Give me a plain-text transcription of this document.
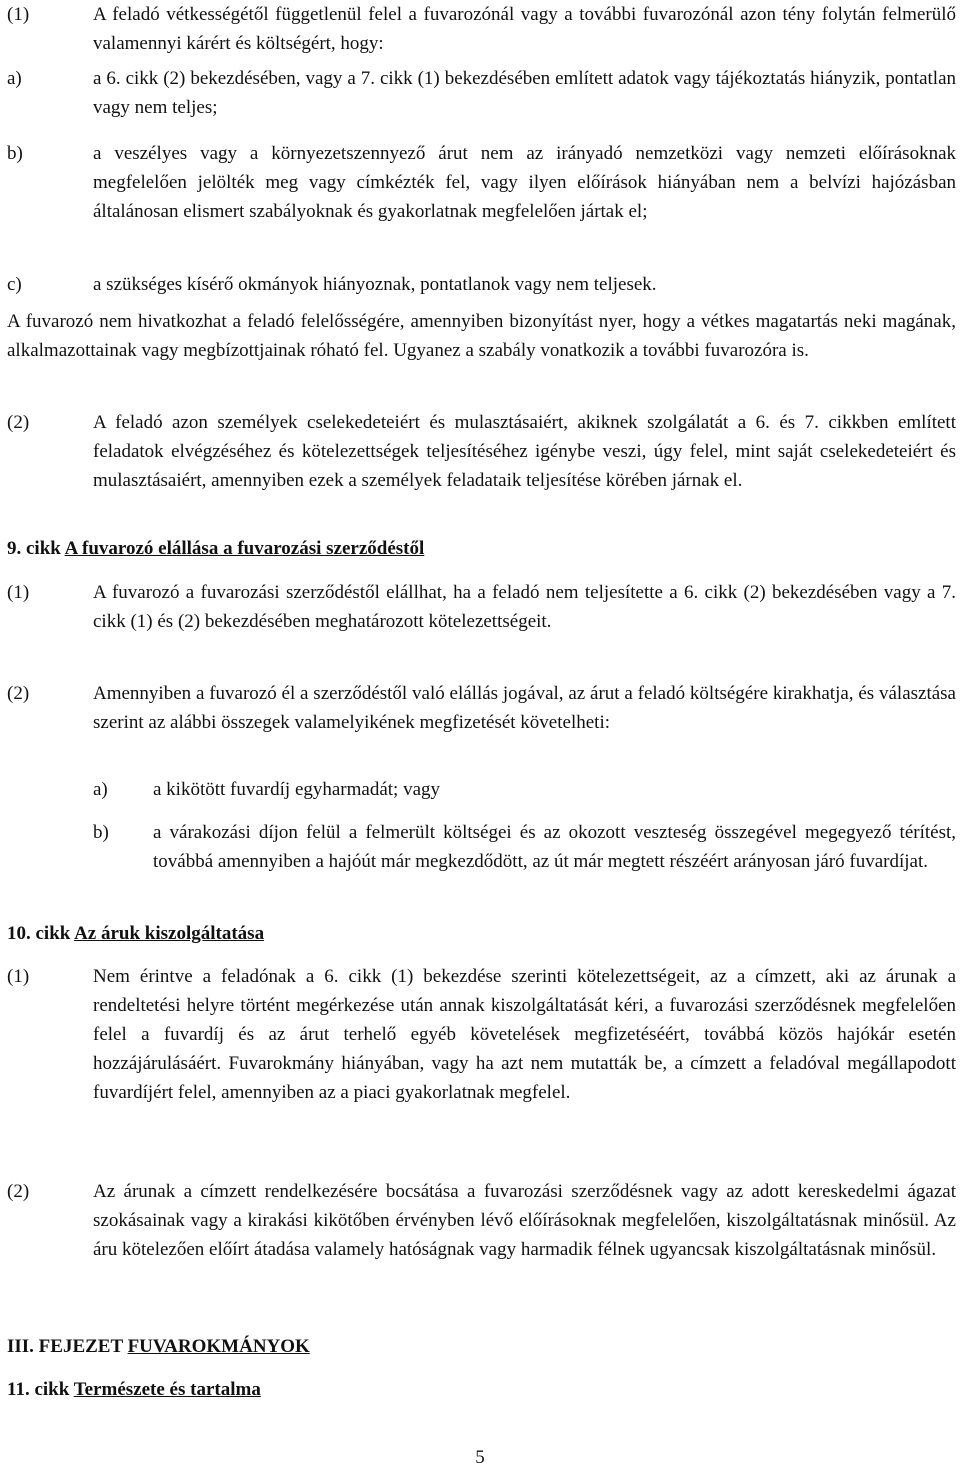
(1)	A feladó vétkességétől függetlenül felel a fuvarozónál vagy a további fuvarozónál azon tény folytán felmerülő valamennyi kárért és költségért, hogy:
a)	a 6. cikk (2) bekezdésében, vagy a 7. cikk (1) bekezdésében említett adatok vagy tájékoztatás hiányzik, pontatlan vagy nem teljes;
b)	a veszélyes vagy a környezetszennyező árut nem az irányadó nemzetközi vagy nemzeti előírásoknak megfelelően jelölték meg vagy címkézték fel, vagy ilyen előírások hiányában nem a belvízi hajózásban általánosan elismert szabályoknak és gyakorlatnak megfelelően jártak el;
c)	a szükséges kísérő okmányok hiányoznak, pontatlanok vagy nem teljesek.

A fuvarozó nem hivatkozhat a feladó felelősségére, amennyiben bizonyítást nyer, hogy a vétkes magatartás neki magának, alkalmazottainak vagy megbízottjainak róható fel. Ugyanez a szabály vonatkozik a további fuvarozóra is.

(2)	A feladó azon személyek cselekedeteiért és mulasztásaiért, akiknek szolgálatát a 6. és 7. cikkben említett feladatok elvégzéséhez és kötelezettségek teljesítéséhez igénybe veszi, úgy felel, mint saját cselekedeteiért és mulasztásaiért, amennyiben ezek a személyek feladataik teljesítése körében járnak el.

9. cikk A fuvarozó elállása a fuvarozási szerződéstől

(1)	A fuvarozó a fuvarozási szerződéstől elállhat, ha a feladó nem teljesítette a 6. cikk (2) bekezdésében vagy a 7. cikk (1) és (2) bekezdésében meghatározott kötelezettségeit.
(2)	Amennyiben a fuvarozó él a szerződéstől való elállás jogával, az árut a feladó költségére kirakhatja, és választása szerint az alábbi összegek valamelyikének megfizetését követelheti:
a)	a kikötött fuvardíj egyharmadát; vagy
b)	a várakozási díjon felül a felmerült költségei és az okozott veszteség összegével megegyező térítést, továbbá amennyiben a hajóút már megkezdődött, az út már megtett részéért arányosan járó fuvardíjat.

10. cikk Az áruk kiszolgáltatása

(1)	Nem érintve a feladónak a 6. cikk (1) bekezdése szerinti kötelezettségeit, az a címzett, aki az árunak a rendeltetési helyre történt megérkezése után annak kiszolgáltatását kéri, a fuvarozási szerződésnek megfelelően felel a fuvardíj és az árut terhelő egyéb követelések megfizetéséért, továbbá közös hajókár esetén hozzájárulásáért. Fuvarokmány hiányában, vagy ha azt nem mutatták be, a címzett a feladóval megállapodott fuvardíjért felel, amennyiben az a piaci gyakorlatnak megfelel.
(2)	Az árunak a címzett rendelkezésére bocsátása a fuvarozási szerződésnek vagy az adott kereskedelmi ágazat szokásainak vagy a kirakási kikötőben érvényben lévő előírásoknak megfelelően, kiszolgáltatásnak minősül. Az áru kötelezően előírt átadása valamely hatóságnak vagy harmadik félnek ugyancsak kiszolgáltatásnak minősül.

III. FEJEZET FUVAROKMÁNYOK

11. cikk Természete és tartalma

5
